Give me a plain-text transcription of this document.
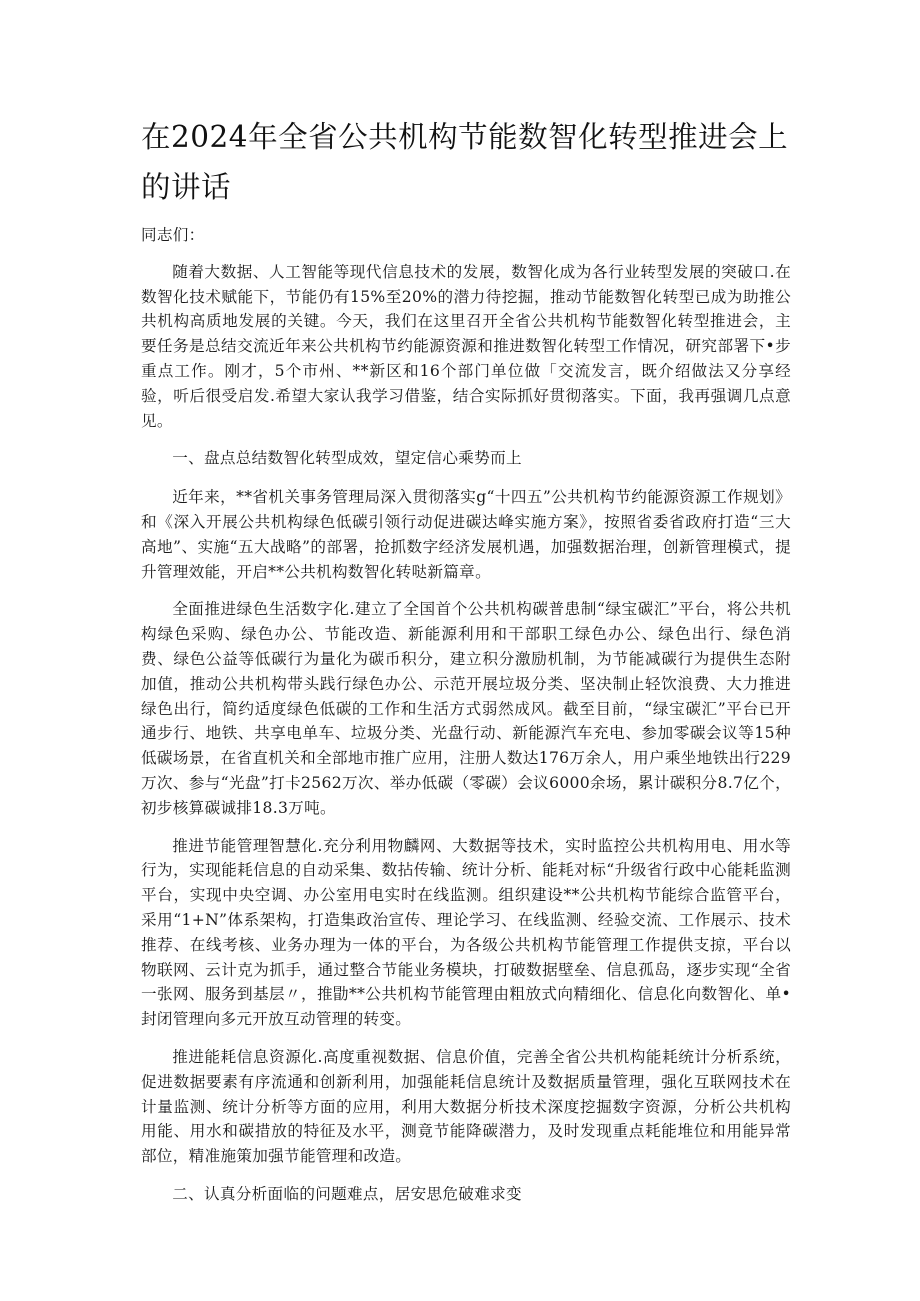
在2024年全省公共机构节能数智化转型推进会上的讲话

同志们：

随着大数据、人工智能等现代信息技术的发展，数智化成为各行业转型发展的突破口.在数智化技术赋能下，节能仍有15%至20%的潜力待挖掘，推动节能数智化转型已成为助推公共机构高质地发展的关键。今天，我们在这里召开全省公共机构节能数智化转型推进会，主要任务是总结交流近年来公共机构节约能源资源和推进数智化转型工作情况，研究部署下•步重点工作。刚才，5个市州、**新区和16个部门单位做「交流发言，既介绍做法又分享经验，听后很受启发.希望大家认我学习借鉴，结合实际抓好贯彻落实。下面，我再强调几点意见。

一、盘点总结数智化转型成效，望定信心乘势而上

近年来，**省机关事务管理局深入贯彻落实g“十四五”公共机构节约能源资源工作规划》和《深入开展公共机构绿色低碳引领行动促进碳达峰实施方案》，按照省委省政府打造“三大高地”、实施“五大战略”的部署，抢抓数字经济发展机遇，加强数据治理，创新管理模式，提升管理效能，开启**公共机构数智化转哒新篇章。

全面推进绿色生活数字化.建立了全国首个公共机构碳普患制“绿宝碳汇”平台，将公共机构绿色采购、绿色办公、节能改造、新能源利用和干部职工绿色办公、绿色出行、绿色消费、绿色公益等低碳行为量化为碳币积分，建立积分激励机制，为节能减碳行为提供生态附加值，推动公共机构带头践行绿色办公、示范开展垃圾分类、坚决制止轻饮浪费、大力推进绿色出行，简约适度绿色低碳的工作和生活方式弱然成风。截至目前，“绿宝碳汇”平台已开通步行、地铁、共享电单车、垃圾分类、光盘行动、新能源汽车充电、参加零碳会议等15种低碳场景，在省直机关和全部地市推广应用，注册人数达176万余人，用户乘坐地铁出行229万次、参与“光盘”打卡2562万次、举办低碳（零碳）会议6000余场，累计碳积分8.7亿个，初步核算碳诚排18.3万吨。

推进节能管理智慧化.充分利用物麟网、大数据等技术，实时监控公共机构用电、用水等行为，实现能耗信息的自动采集、数拈传输、统计分析、能耗对标“升级省行政中心能耗监测平台，实现中央空调、办公室用电实时在线监测。组织建设**公共机构节能综合监管平台，采用“1+N”体系架构，打造集政治宣传、理论学习、在线监测、经验交流、工作展示、技术推荐、在线考核、业务办理为一体的平台，为各级公共机构节能管理工作提供支掠，平台以物联网、云计克为抓手，通过整合节能业务模块，打破数据壁垒、信息孤岛，逐步实现“全省一张网、服务到基层〃，推勖**公共机构节能管理由粗放式向精细化、信息化向数智化、单•封闭管理向多元开放互动管理的转变。

推进能耗信息资源化.高度重视数据、信息价值，完善全省公共机构能耗统计分析系统，促进数据要素有序流通和创新利用，加强能耗信息统计及数据质量管理，强化互联网技术在计量监测、统计分析等方面的应用，利用大数据分析技术深度挖掘数字资源，分析公共机构用能、用水和碳措放的特征及水平，测竟节能降碳潜力，及时发现重点耗能堆位和用能异常部位，精准施策加强节能管理和改造。

二、认真分析面临的问题难点，居安思危破难求变
